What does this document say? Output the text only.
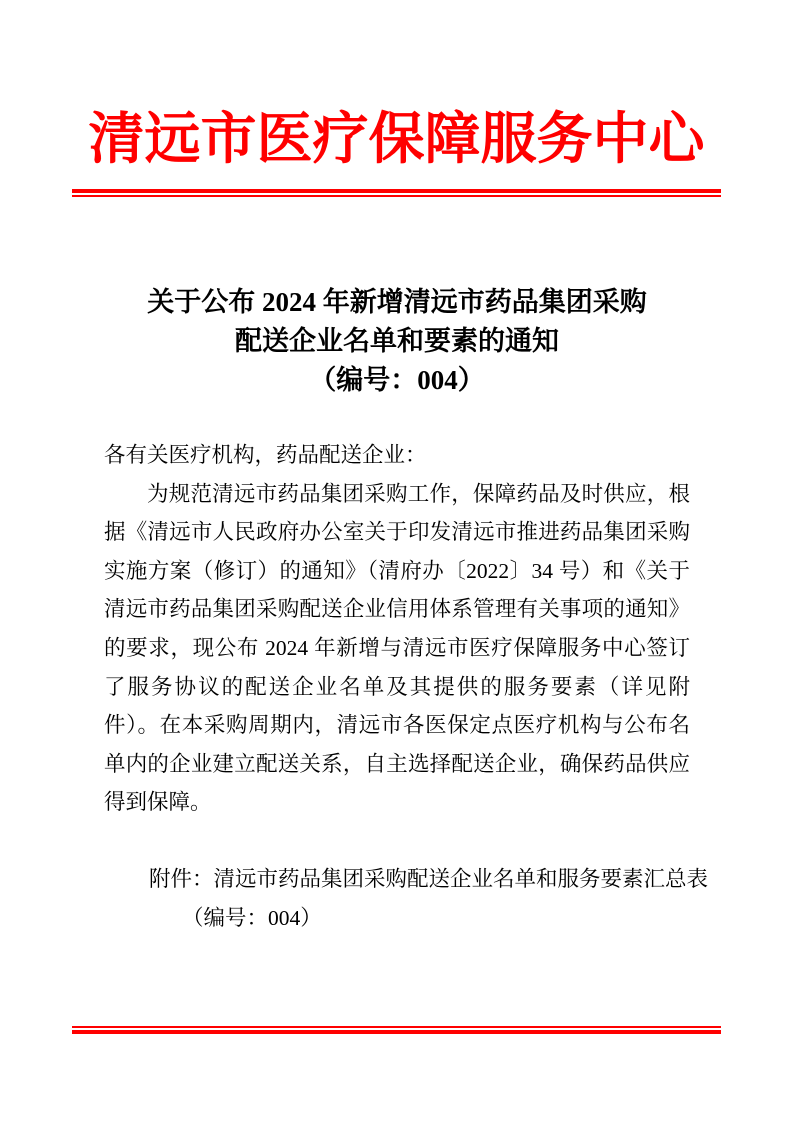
清远市医疗保障服务中心
关于公布 2024 年新增清远市药品集团采购
配送企业名单和要素的通知
（编号：004）

各有关医疗机构，药品配送企业：

为规范清远市药品集团采购工作，保障药品及时供应，根据《清远市人民政府办公室关于印发清远市推进药品集团采购实施方案（修订）的通知》（清府办〔2022〕34 号）和《关于清远市药品集团采购配送企业信用体系管理有关事项的通知》的要求，现公布 2024 年新增与清远市医疗保障服务中心签订了服务协议的配送企业名单及其提供的服务要素（详见附件）。在本采购周期内，清远市各医保定点医疗机构与公布名单内的企业建立配送关系，自主选择配送企业，确保药品供应得到保障。

附件：清远市药品集团采购配送企业名单和服务要素汇总表
（编号：004）
